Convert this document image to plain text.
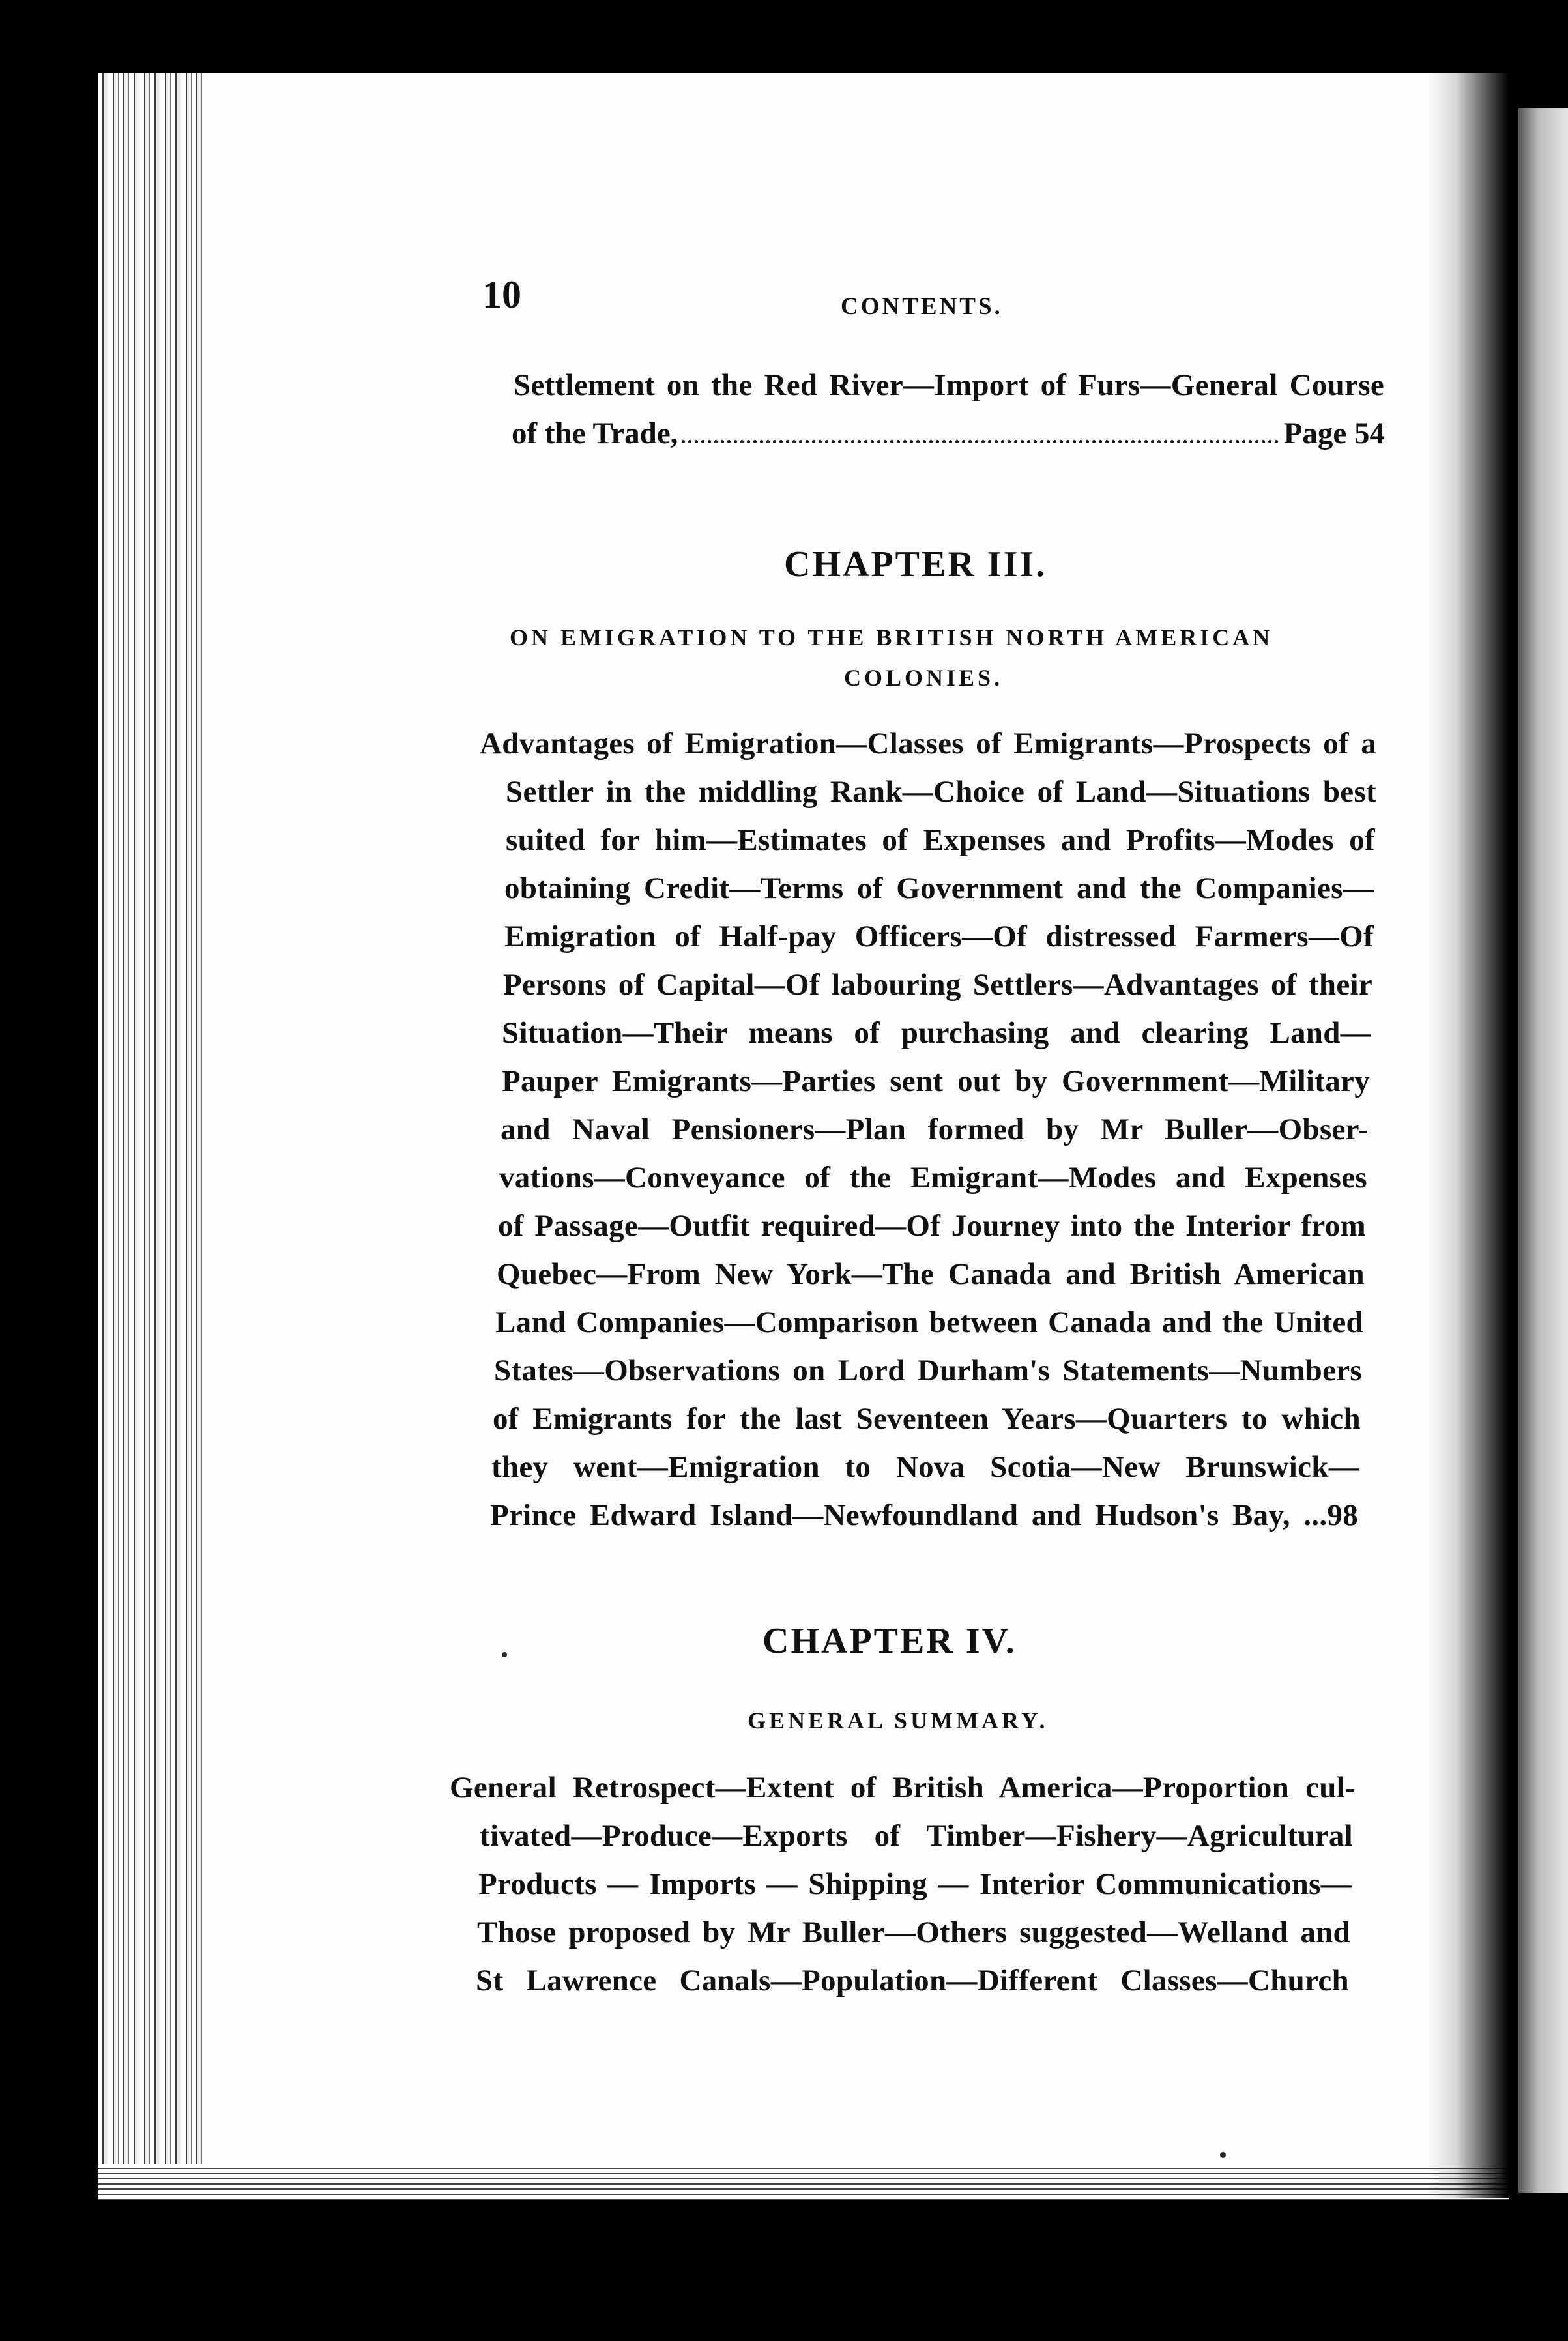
10	CONTENTS.
Settlement on the Red River—Import of Furs—General Course
of the Trade,	Page 54
CHAPTER III.
ON EMIGRATION TO THE BRITISH NORTH AMERICAN
COLONIES.
Advantages of Emigration—Classes of Emigrants—Prospects of a
Settler in the middling Rank—Choice of Land—Situations best
suited for him—Estimates of Expenses and Profits—Modes of
obtaining Credit—Terms of Government and the Companies—
Emigration of Half-pay Officers—Of distressed Farmers—Of
Persons of Capital—Of labouring Settlers—Advantages of their
Situation—Their means of purchasing and clearing Land—
Pauper Emigrants—Parties sent out by Government—Military
and Naval Pensioners—Plan formed by Mr Buller—Obser-
vations—Conveyance of the Emigrant—Modes and Expenses
of Passage—Outfit required—Of Journey into the Interior from
Quebec—From New York—The Canada and British American
Land Companies—Comparison between Canada and the United
States—Observations on Lord Durham's Statements—Numbers
of Emigrants for the last Seventeen Years—Quarters to which
they went—Emigration to Nova Scotia—New Brunswick—
Prince Edward Island—Newfoundland and Hudson's Bay, ...98
CHAPTER IV.
GENERAL SUMMARY.
General Retrospect—Extent of British America—Proportion cul-
tivated—Produce—Exports of Timber—Fishery—Agricultural
Products — Imports — Shipping — Interior Communications—
Those proposed by Mr Buller—Others suggested—Welland and
St Lawrence Canals—Population—Different Classes—Church
